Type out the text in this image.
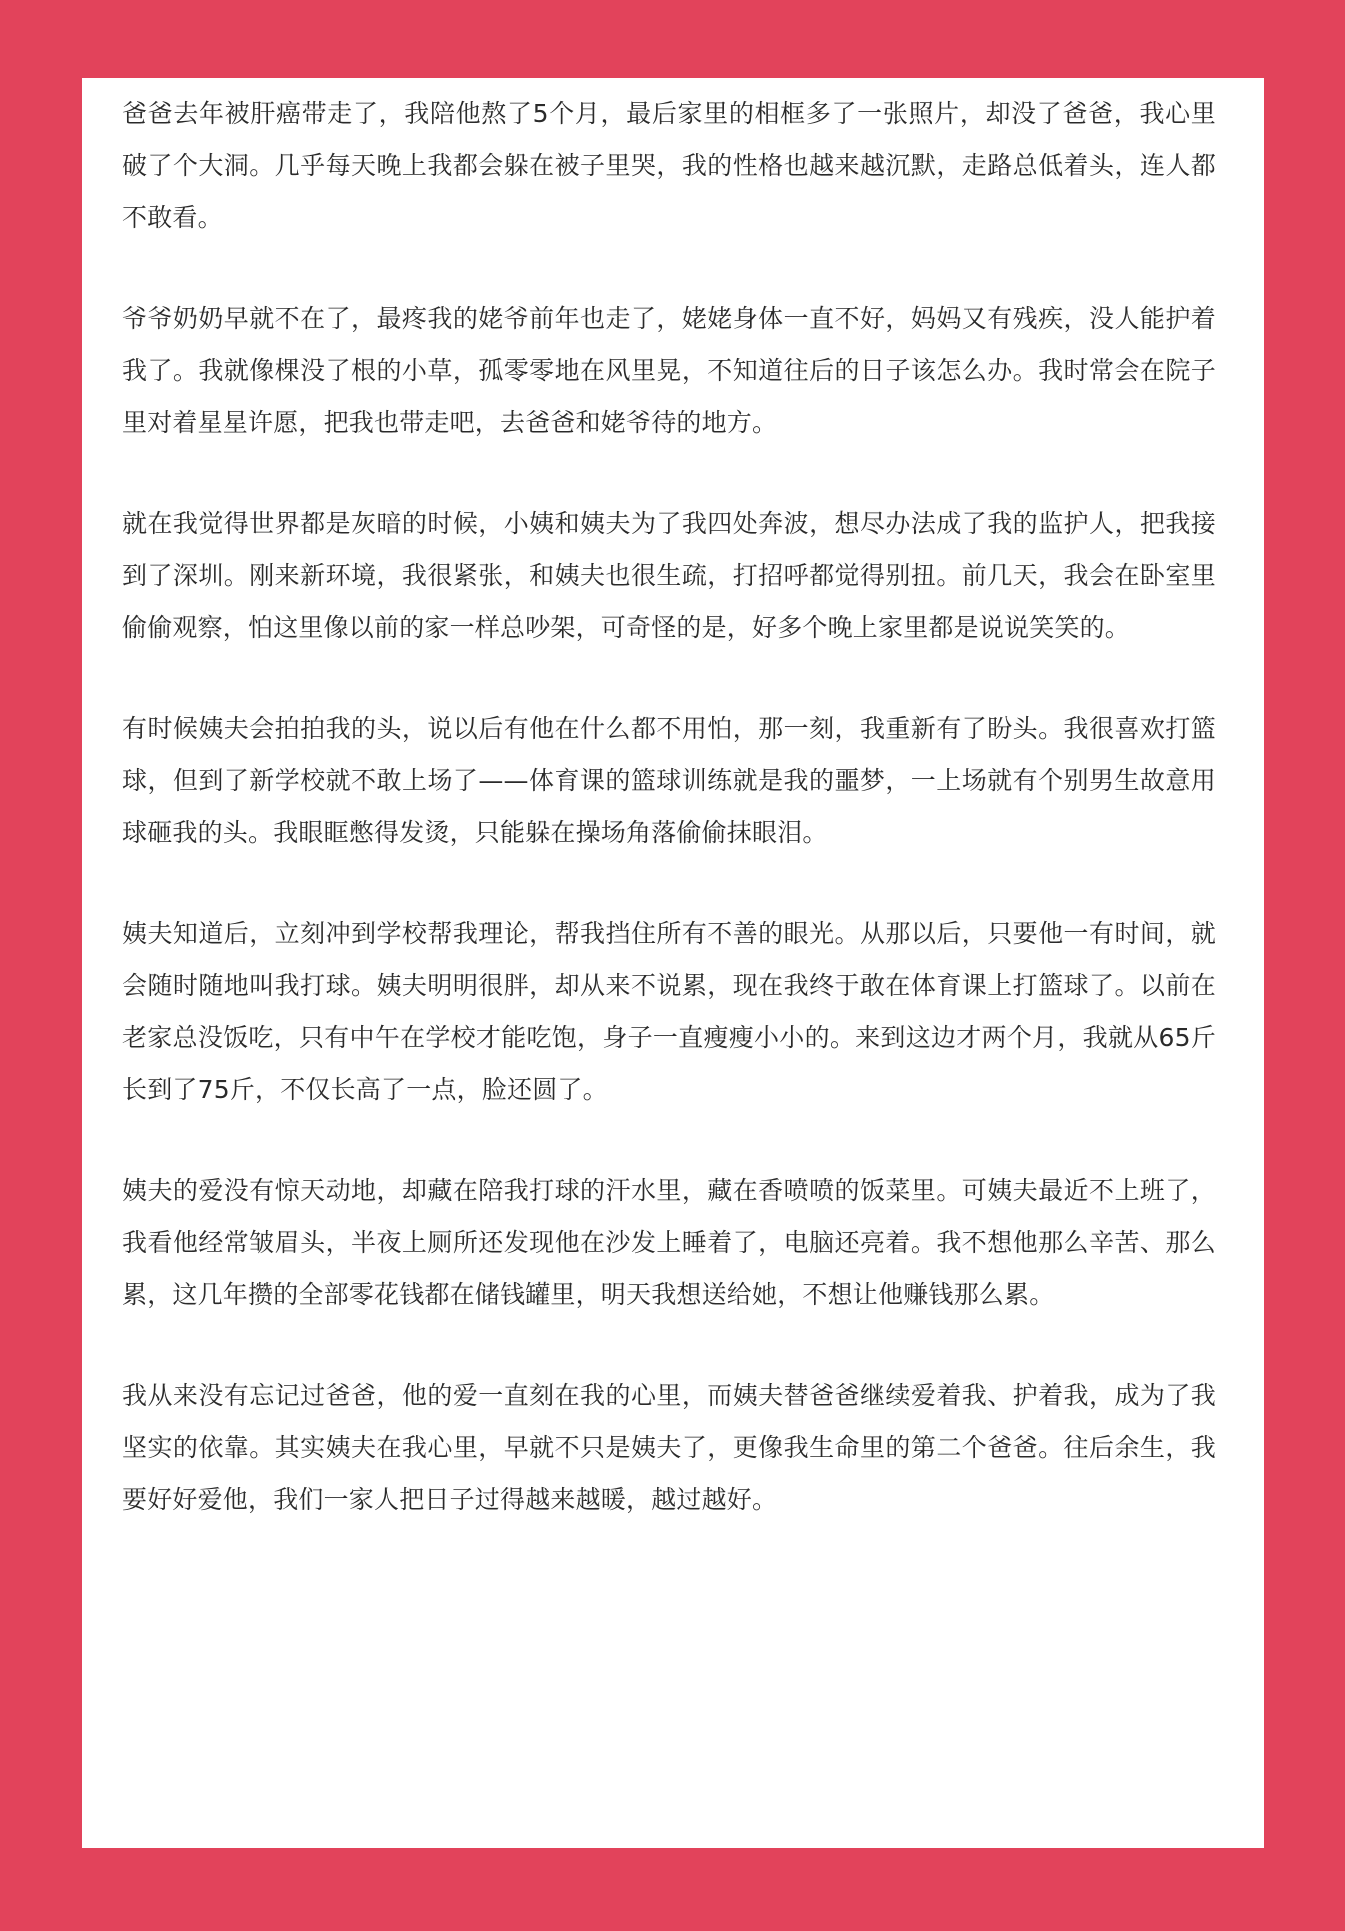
爸爸去年被肝癌带走了，我陪他熬了5个月，最后家里的相框多了一张照片，却没了爸爸，我心里破了个大洞。几乎每天晚上我都会躲在被子里哭，我的性格也越来越沉默，走路总低着头，连人都不敢看。

爷爷奶奶早就不在了，最疼我的姥爷前年也走了，姥姥身体一直不好，妈妈又有残疾，没人能护着我了。我就像棵没了根的小草，孤零零地在风里晃，不知道往后的日子该怎么办。我时常会在院子里对着星星许愿，把我也带走吧，去爸爸和姥爷待的地方。

就在我觉得世界都是灰暗的时候，小姨和姨夫为了我四处奔波，想尽办法成了我的监护人，把我接到了深圳。刚来新环境，我很紧张，和姨夫也很生疏，打招呼都觉得别扭。前几天，我会在卧室里偷偷观察，怕这里像以前的家一样总吵架，可奇怪的是，好多个晚上家里都是说说笑笑的。

有时候姨夫会拍拍我的头，说以后有他在什么都不用怕，那一刻，我重新有了盼头。我很喜欢打篮球，但到了新学校就不敢上场了——体育课的篮球训练就是我的噩梦，一上场就有个别男生故意用球砸我的头。我眼眶憋得发烫，只能躲在操场角落偷偷抹眼泪。

姨夫知道后，立刻冲到学校帮我理论，帮我挡住所有不善的眼光。从那以后，只要他一有时间，就会随时随地叫我打球。姨夫明明很胖，却从来不说累，现在我终于敢在体育课上打篮球了。以前在老家总没饭吃，只有中午在学校才能吃饱，身子一直瘦瘦小小的。来到这边才两个月，我就从65斤长到了75斤，不仅长高了一点，脸还圆了。

姨夫的爱没有惊天动地，却藏在陪我打球的汗水里，藏在香喷喷的饭菜里。可姨夫最近不上班了，我看他经常皱眉头，半夜上厕所还发现他在沙发上睡着了，电脑还亮着。我不想他那么辛苦、那么累，这几年攒的全部零花钱都在储钱罐里，明天我想送给她，不想让他赚钱那么累。

我从来没有忘记过爸爸，他的爱一直刻在我的心里，而姨夫替爸爸继续爱着我、护着我，成为了我坚实的依靠。其实姨夫在我心里，早就不只是姨夫了，更像我生命里的第二个爸爸。往后余生，我要好好爱他，我们一家人把日子过得越来越暖，越过越好。
